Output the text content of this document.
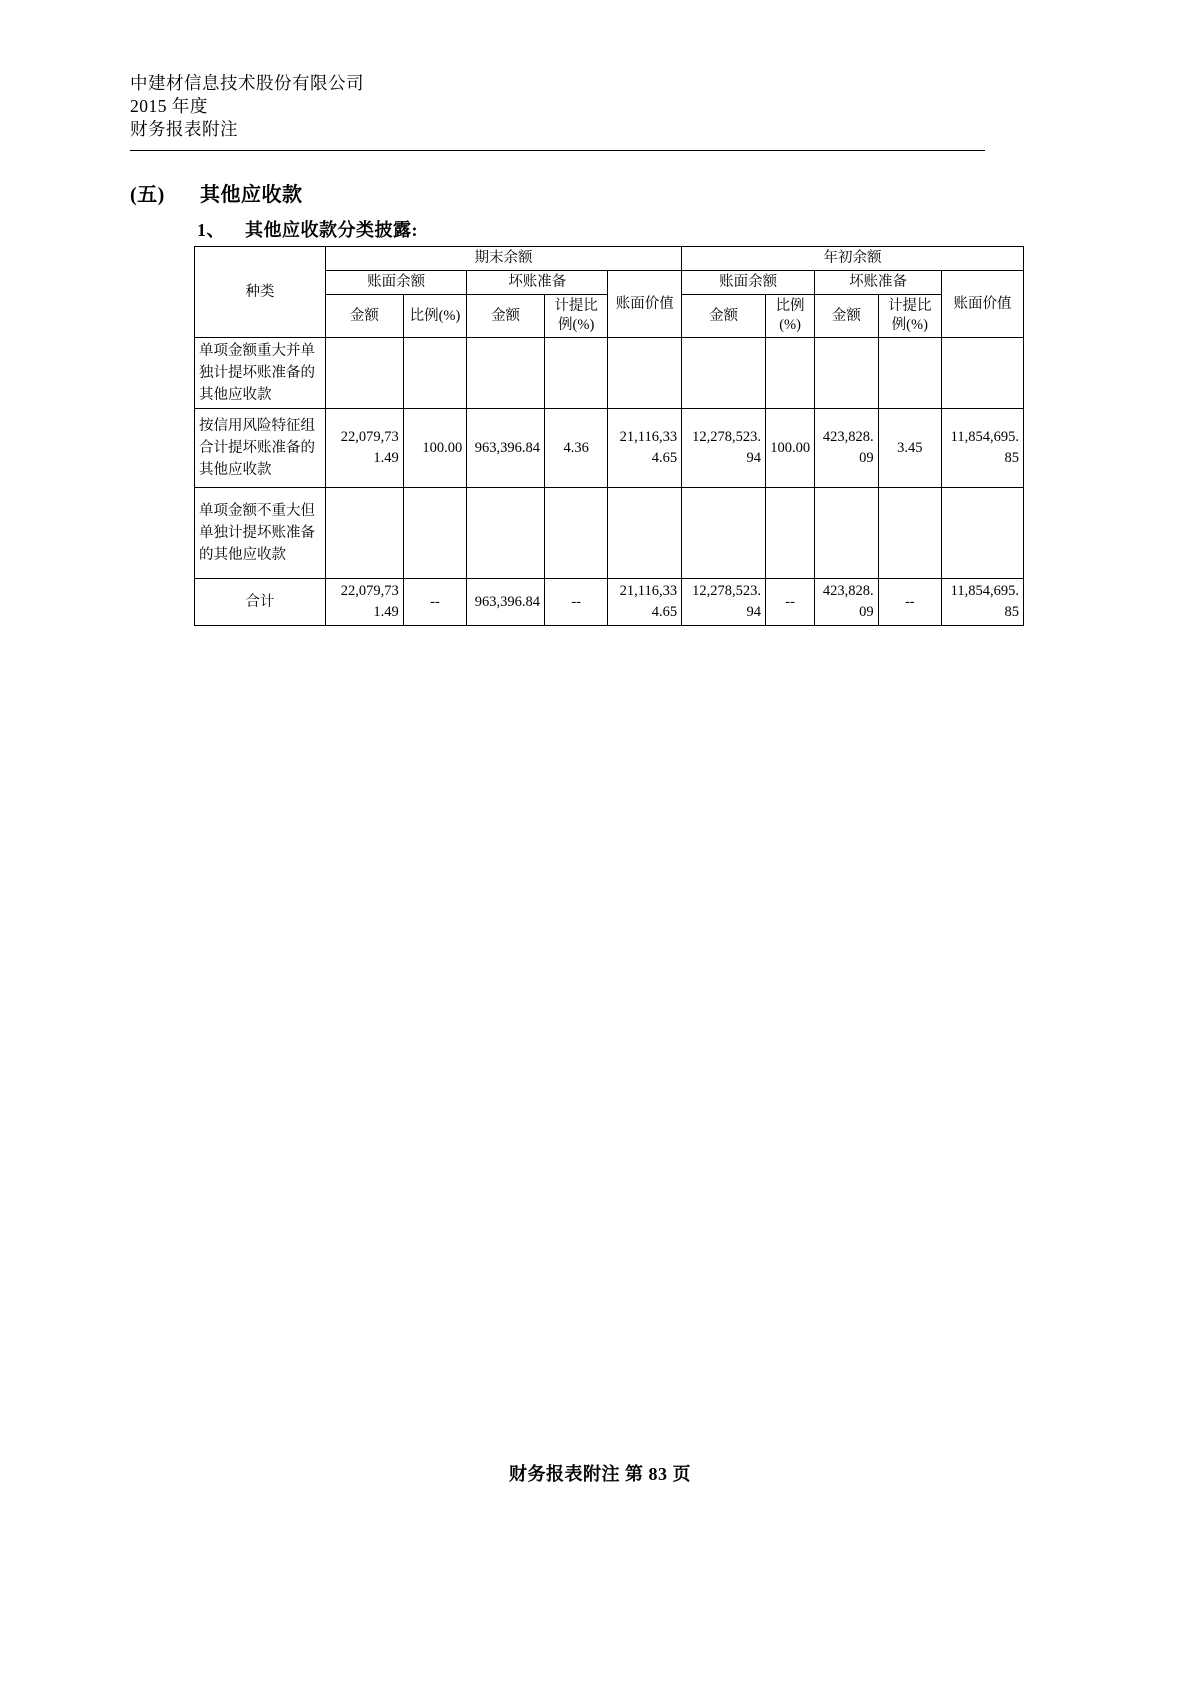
中建材信息技术股份有限公司
2015 年度
财务报表附注
(五) 其他应收款
1、 其他应收款分类披露:
种类	期末余额					年初余额				
	账面余额		坏账准备		账面价值	账面余额		坏账准备		账面价值
	金额	比例(%)	金额	计提比例(%)		金额	比例(%)	金额	计提比例(%)	
单项金额重大并单独计提坏账准备的其他应收款										
按信用风险特征组合计提坏账准备的其他应收款	22,079,731.49	100.00	963,396.84	4.36	21,116,334.65	12,278,523.94	100.00	423,828.09	3.45	11,854,695.85
单项金额不重大但单独计提坏账准备的其他应收款										
合计	22,079,731.49	--	963,396.84	--	21,116,334.65	12,278,523.94	--	423,828.09	--	11,854,695.85
财务报表附注 第 83 页
